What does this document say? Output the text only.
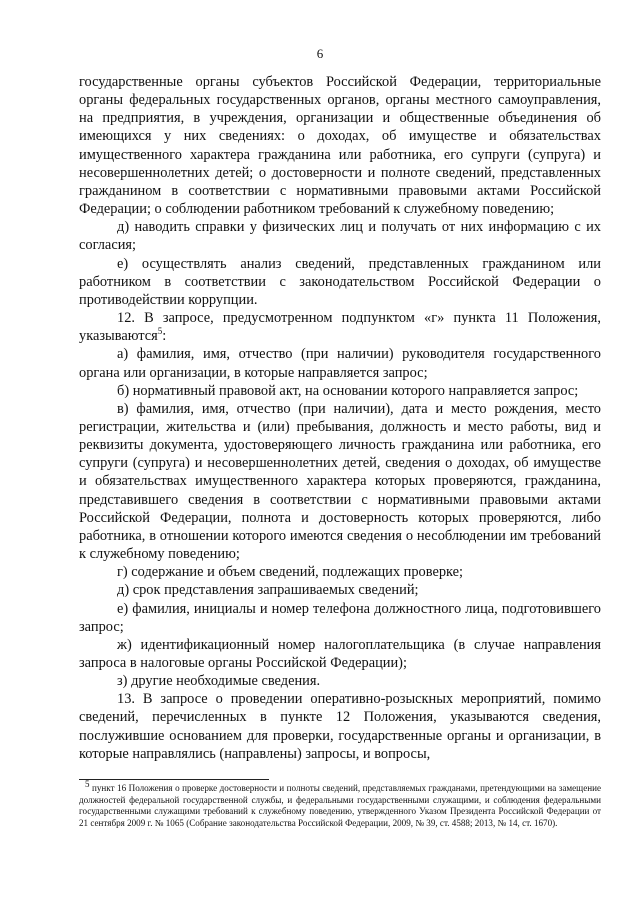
6

государственные органы субъектов Российской Федерации, территориальные органы федеральных государственных органов, органы местного самоуправления, на предприятия, в учреждения, организации и общественные объединения об имеющихся у них сведениях: о доходах, об имуществе и обязательствах имущественного характера гражданина или работника, его супруги (супруга) и несовершеннолетних детей; о достоверности и полноте сведений, представленных гражданином в соответствии с нормативными правовыми актами Российской Федерации; о соблюдении работником требований к служебному поведению;

д) наводить справки у физических лиц и получать от них информацию с их согласия;

е) осуществлять анализ сведений, представленных гражданином или работником в соответствии с законодательством Российской Федерации о противодействии коррупции.

12. В запросе, предусмотренном подпунктом «г» пункта 11 Положения, указываются$^5$:

а) фамилия, имя, отчество (при наличии) руководителя государственного органа или организации, в которые направляется запрос;

б) нормативный правовой акт, на основании которого направляется запрос;

в) фамилия, имя, отчество (при наличии), дата и место рождения, место регистрации, жительства и (или) пребывания, должность и место работы, вид и реквизиты документа, удостоверяющего личность гражданина или работника, его супруги (супруга) и несовершеннолетних детей, сведения о доходах, об имуществе и обязательствах имущественного характера которых проверяются, гражданина, представившего сведения в соответствии с нормативными правовыми актами Российской Федерации, полнота и достоверность которых проверяются, либо работника, в отношении которого имеются сведения о несоблюдении им требований к служебному поведению;

г) содержание и объем сведений, подлежащих проверке;

д) срок представления запрашиваемых сведений;

е) фамилия, инициалы и номер телефона должностного лица, подготовившего запрос;

ж) идентификационный номер налогоплательщика (в случае направления запроса в налоговые органы Российской Федерации);

з) другие необходимые сведения.

13. В запросе о проведении оперативно-розыскных мероприятий, помимо сведений, перечисленных в пункте 12 Положения, указываются сведения, послужившие основанием для проверки, государственные органы и организации, в которые направлялись (направлены) запросы, и вопросы,

$^5$ пункт 16 Положения о проверке достоверности и полноты сведений, представляемых гражданами, претендующими на замещение должностей федеральной государственной службы, и федеральными государственными служащими, и соблюдения федеральными государственными служащими требований к служебному поведению, утвержденного Указом Президента Российской Федерации от 21 сентября 2009 г. № 1065 (Собрание законодательства Российской Федерации, 2009, № 39, ст. 4588; 2013, № 14, ст. 1670).
